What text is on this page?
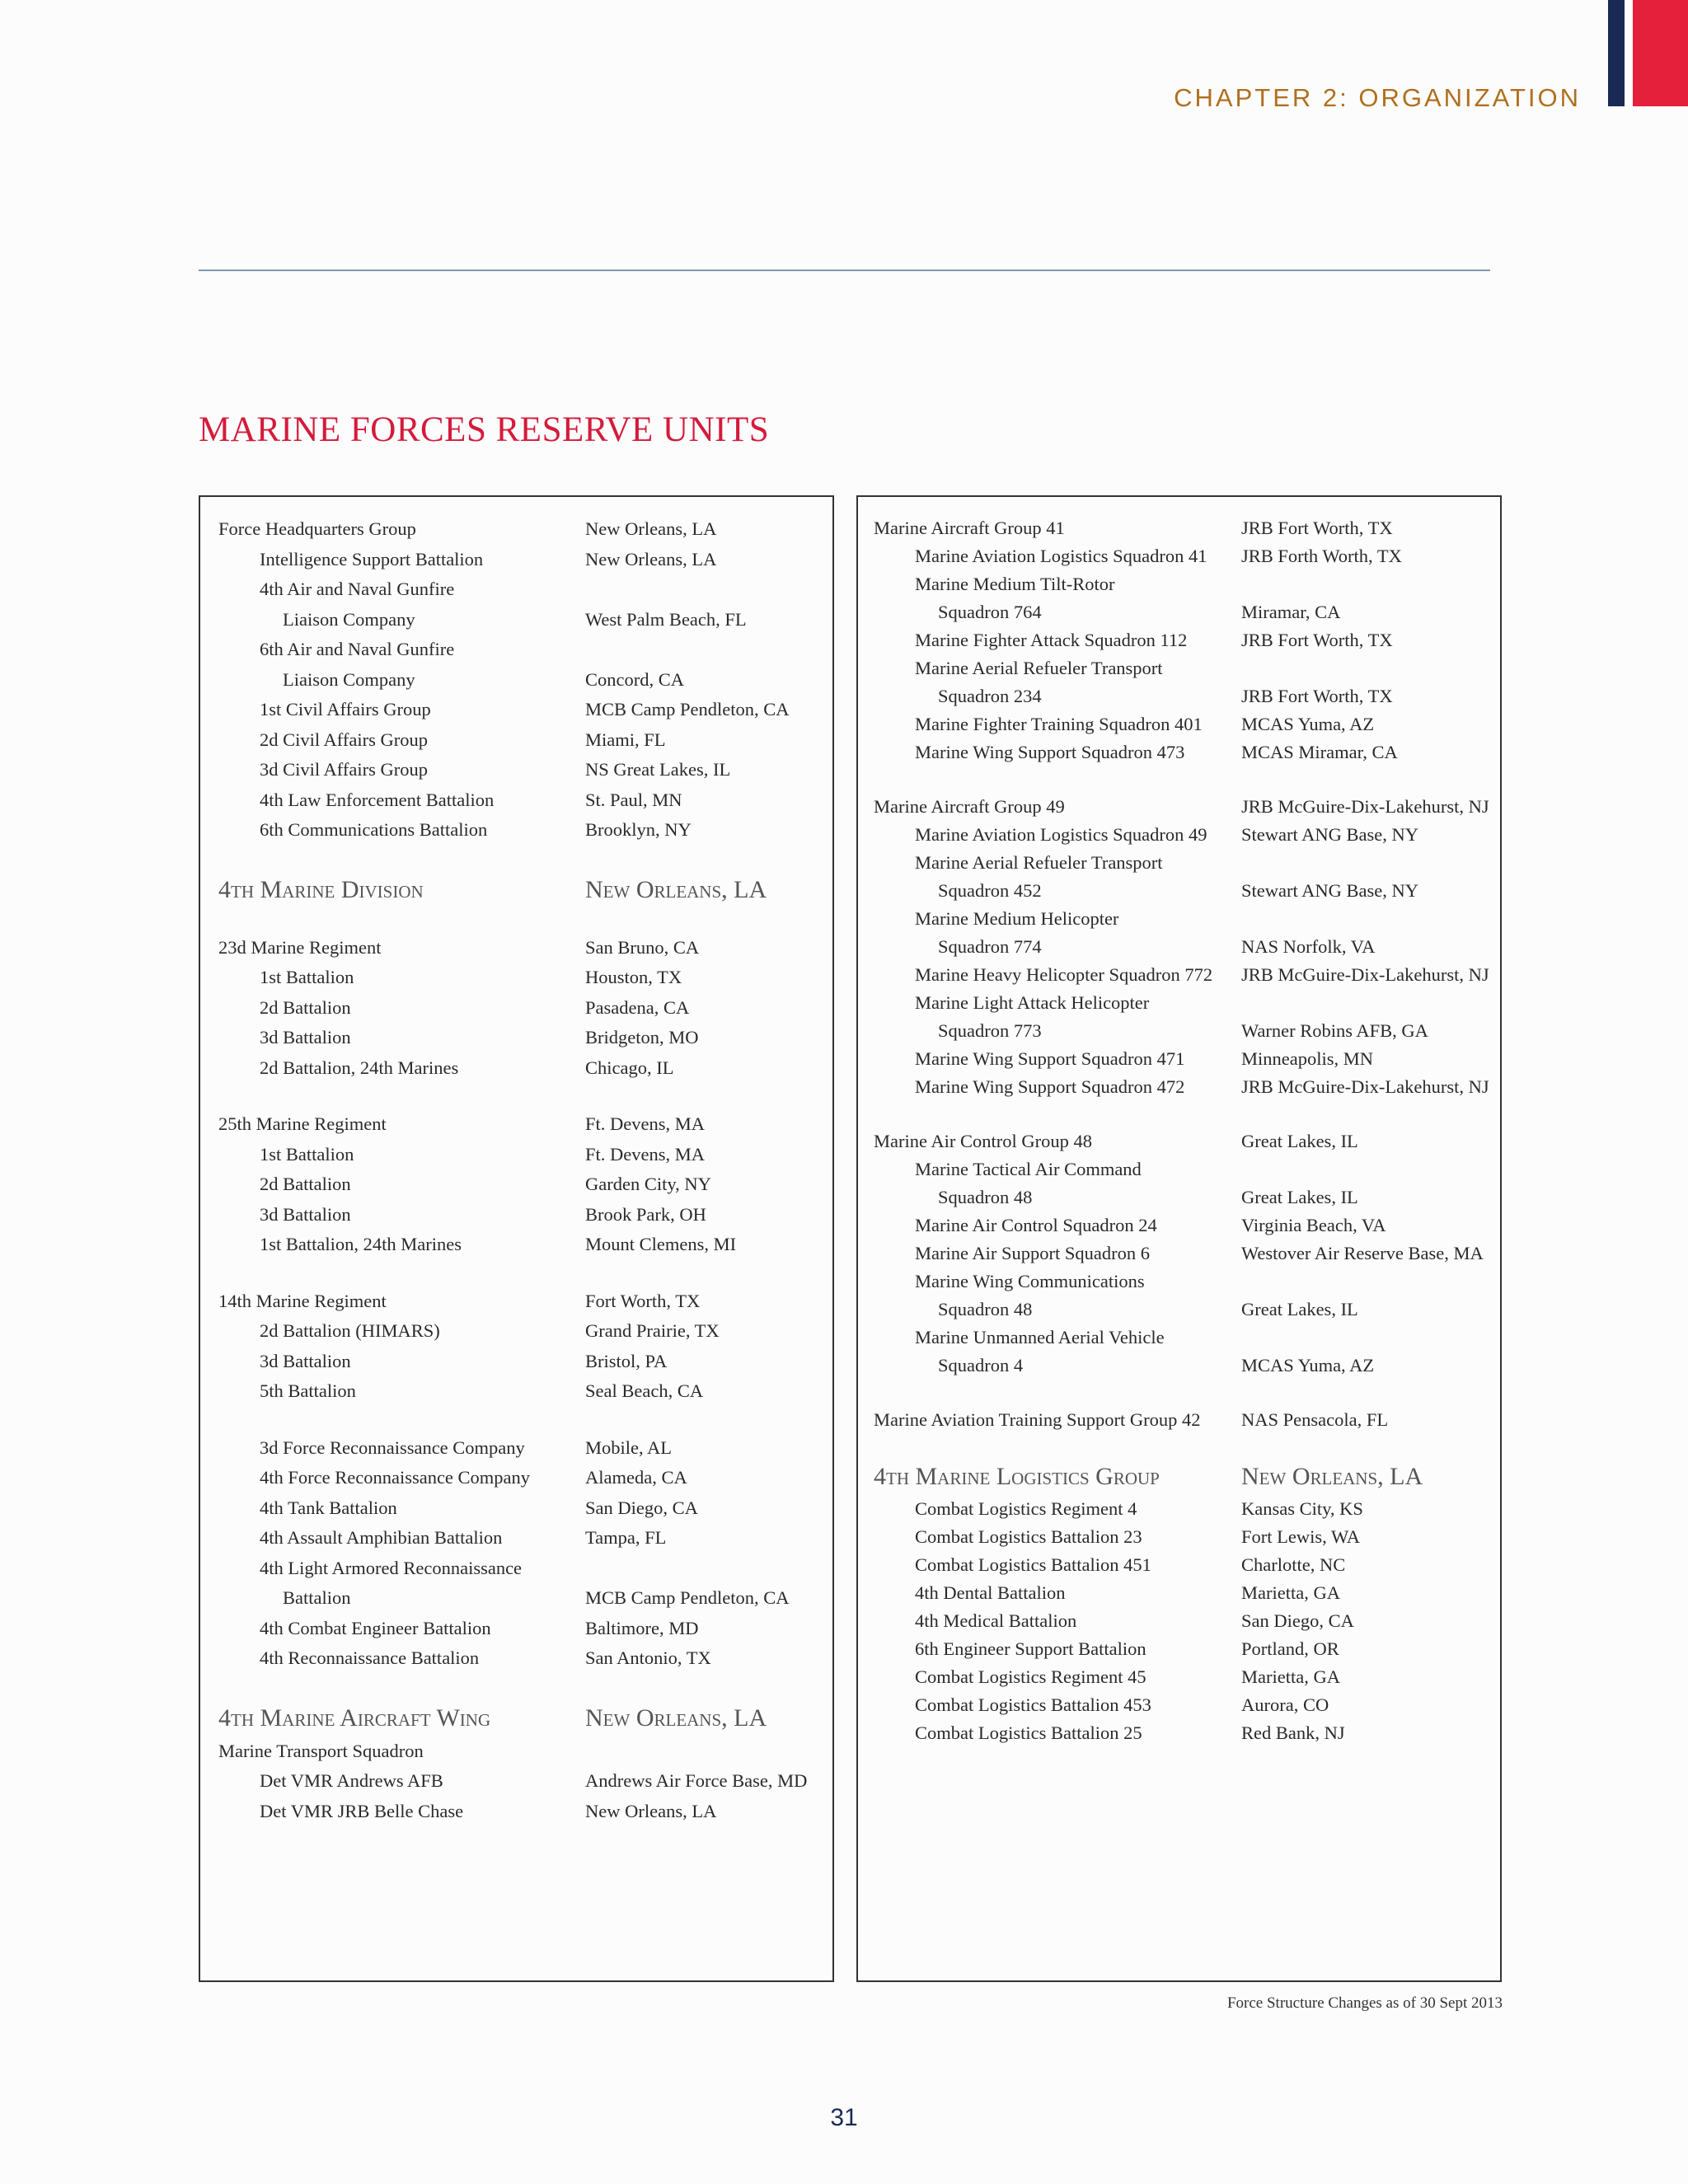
CHAPTER 2: ORGANIZATION
MARINE FORCES RESERVE UNITS
Force Headquarters Group	New Orleans, LA
Intelligence Support Battalion	New Orleans, LA
4th Air and Naval Gunfire
Liaison Company	West Palm Beach, FL
6th Air and Naval Gunfire
Liaison Company	Concord, CA
1st Civil Affairs Group	MCB Camp Pendleton, CA
2d Civil Affairs Group	Miami, FL
3d Civil Affairs Group	NS Great Lakes, IL
4th Law Enforcement Battalion	St. Paul, MN
6th Communications Battalion	Brooklyn, NY
4th Marine Division	New Orleans, LA
23d Marine Regiment	San Bruno, CA
1st Battalion	Houston, TX
2d Battalion	Pasadena, CA
3d Battalion	Bridgeton, MO
2d Battalion, 24th Marines	Chicago, IL
25th Marine Regiment	Ft. Devens, MA
1st Battalion	Ft. Devens, MA
2d Battalion	Garden City, NY
3d Battalion	Brook Park, OH
1st Battalion, 24th Marines	Mount Clemens, MI
14th Marine Regiment	Fort Worth, TX
2d Battalion (HIMARS)	Grand Prairie, TX
3d Battalion	Bristol, PA
5th Battalion	Seal Beach, CA
3d Force Reconnaissance Company	Mobile, AL
4th Force Reconnaissance Company	Alameda, CA
4th Tank Battalion	San Diego, CA
4th Assault Amphibian Battalion	Tampa, FL
4th Light Armored Reconnaissance
Battalion	MCB Camp Pendleton, CA
4th Combat Engineer Battalion	Baltimore, MD
4th Reconnaissance Battalion	San Antonio, TX
4th Marine Aircraft Wing	New Orleans, LA
Marine Transport Squadron
Det VMR Andrews AFB	Andrews Air Force Base, MD
Det VMR JRB Belle Chase	New Orleans, LA
Marine Aircraft Group 41	JRB Fort Worth, TX
Marine Aviation Logistics Squadron 41 JRB Forth Worth, TX
Marine Medium Tilt-Rotor
Squadron 764	Miramar, CA
Marine Fighter Attack Squadron 112	JRB Fort Worth, TX
Marine Aerial Refueler Transport
Squadron 234	JRB Fort Worth, TX
Marine Fighter Training Squadron 401 MCAS Yuma, AZ
Marine Wing Support Squadron 473	MCAS Miramar, CA
Marine Aircraft Group 49	JRB McGuire-Dix-Lakehurst, NJ
Marine Aviation Logistics Squadron 49 Stewart ANG Base, NY
Marine Aerial Refueler Transport
Squadron 452	Stewart ANG Base, NY
Marine Medium Helicopter
Squadron 774	NAS Norfolk, VA
Marine Heavy Helicopter Squadron 772 JRB McGuire-Dix-Lakehurst, NJ
Marine Light Attack Helicopter
Squadron 773	Warner Robins AFB, GA
Marine Wing Support Squadron 471	Minneapolis, MN
Marine Wing Support Squadron 472	JRB McGuire-Dix-Lakehurst, NJ
Marine Air Control Group 48	Great Lakes, IL
Marine Tactical Air Command
Squadron 48	Great Lakes, IL
Marine Air Control Squadron 24	Virginia Beach, VA
Marine Air Support Squadron 6	Westover Air Reserve Base, MA
Marine Wing Communications
Squadron 48	Great Lakes, IL
Marine Unmanned Aerial Vehicle
Squadron 4	MCAS Yuma, AZ
Marine Aviation Training Support Group 42 NAS Pensacola, FL
4th Marine Logistics Group	New Orleans, LA
Combat Logistics Regiment 4	Kansas City, KS
Combat Logistics Battalion 23	Fort Lewis, WA
Combat Logistics Battalion 451	Charlotte, NC
4th Dental Battalion	Marietta, GA
4th Medical Battalion	San Diego, CA
6th Engineer Support Battalion	Portland, OR
Combat Logistics Regiment 45	Marietta, GA
Combat Logistics Battalion 453	Aurora, CO
Combat Logistics Battalion 25	Red Bank, NJ
Force Structure Changes as of 30 Sept 2013
31
